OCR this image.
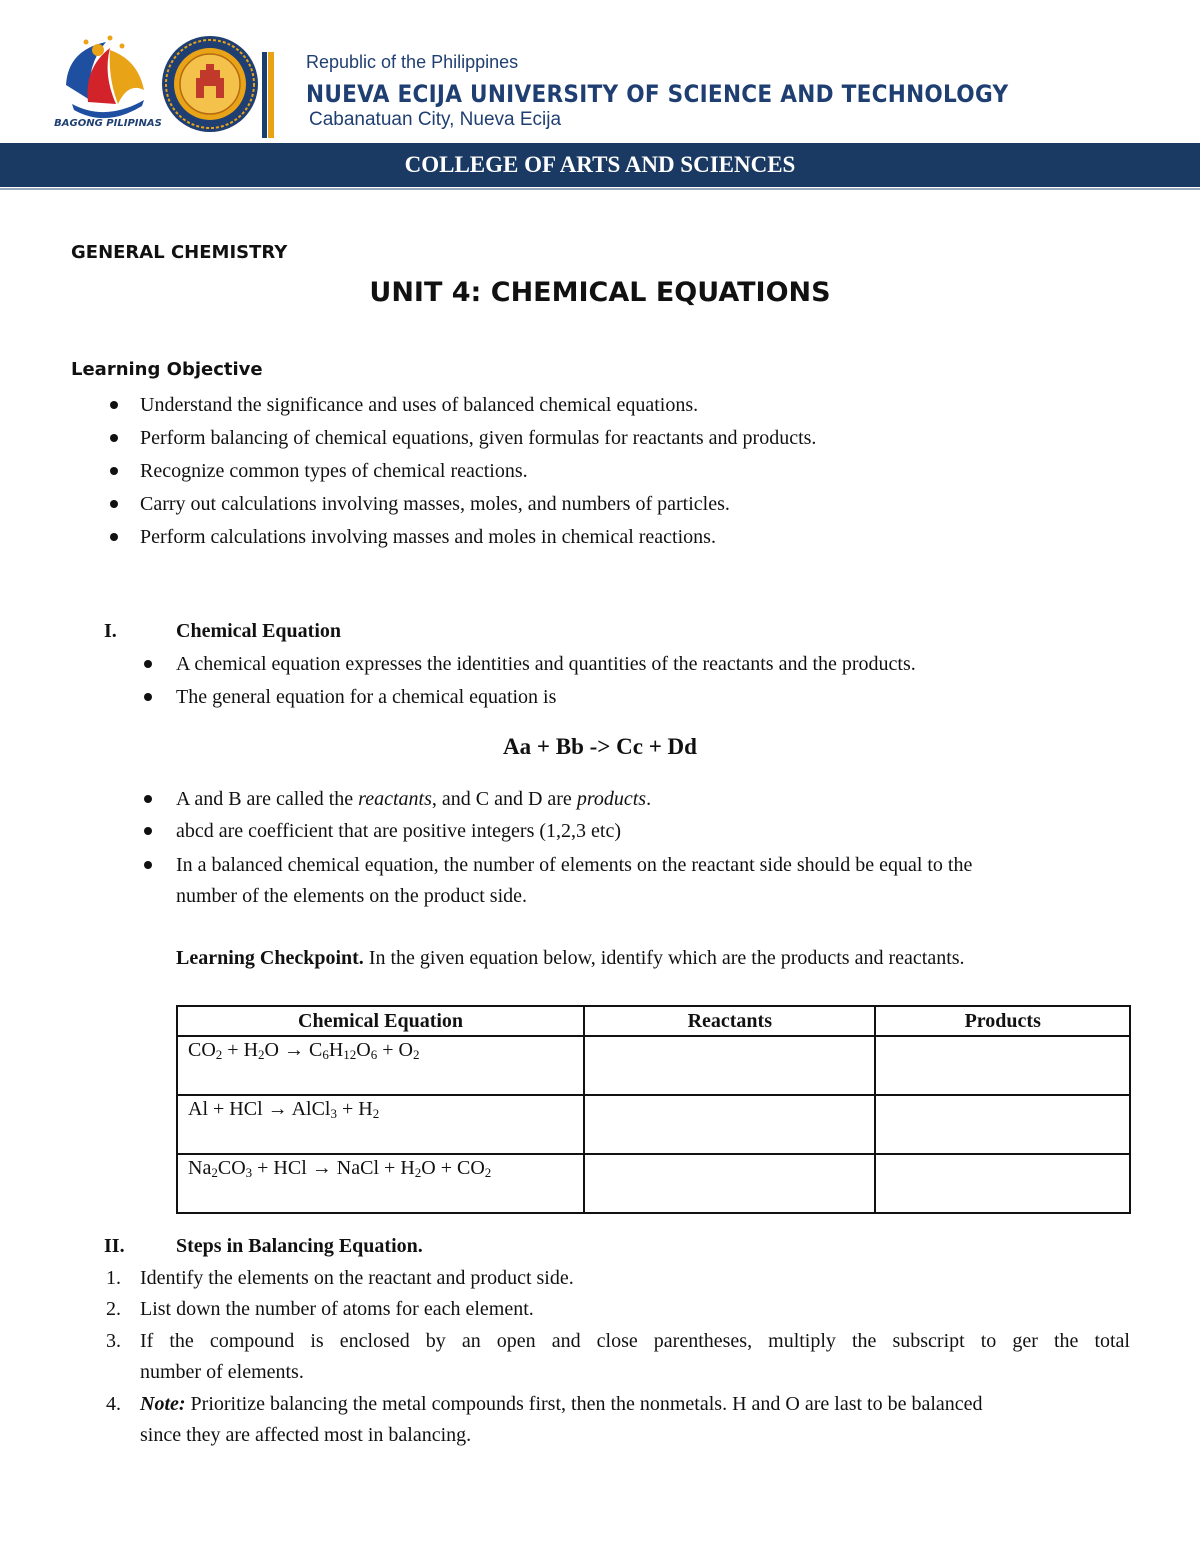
BAGONG PILIPINAS
Republic of the Philippines
NUEVA ECIJA UNIVERSITY OF SCIENCE AND TECHNOLOGY
Cabanatuan City, Nueva Ecija
COLLEGE OF ARTS AND SCIENCES
GENERAL CHEMISTRY
UNIT 4: CHEMICAL EQUATIONS
Learning Objective
Understand the significance and uses of balanced chemical equations.
Perform balancing of chemical equations, given formulas for reactants and products.
Recognize common types of chemical reactions.
Carry out calculations involving masses, moles, and numbers of particles.
Perform calculations involving masses and moles in chemical reactions.
I.	Chemical Equation
A chemical equation expresses the identities and quantities of the reactants and the products.
The general equation for a chemical equation is
Aa + Bb -> Cc + Dd
A and B are called the reactants, and C and D are products.
abcd are coefficient that are positive integers (1,2,3 etc)
In a balanced chemical equation, the number of elements on the reactant side should be equal to the
number of the elements on the product side.
Learning Checkpoint. In the given equation below, identify which are the products and reactants.
Chemical Equation	Reactants	Products
$CO_2 + H_2O \to C_6H_{12}O_6 + O_2$		
Al + HCl → AlCl$_3$ + $H_2$		
$Na_2CO_3$ + HCl → NaCl + $H_2O + CO_2$		
II.	Steps in Balancing Equation.
1. Identify the elements on the reactant and product side.
2. List down the number of atoms for each element.
3. If the compound is enclosed by an open and close parentheses, multiply the subscript to ger the total
number of elements.
4. Note: Prioritize balancing the metal compounds first, then the nonmetals. H and O are last to be balanced
since they are affected most in balancing.
